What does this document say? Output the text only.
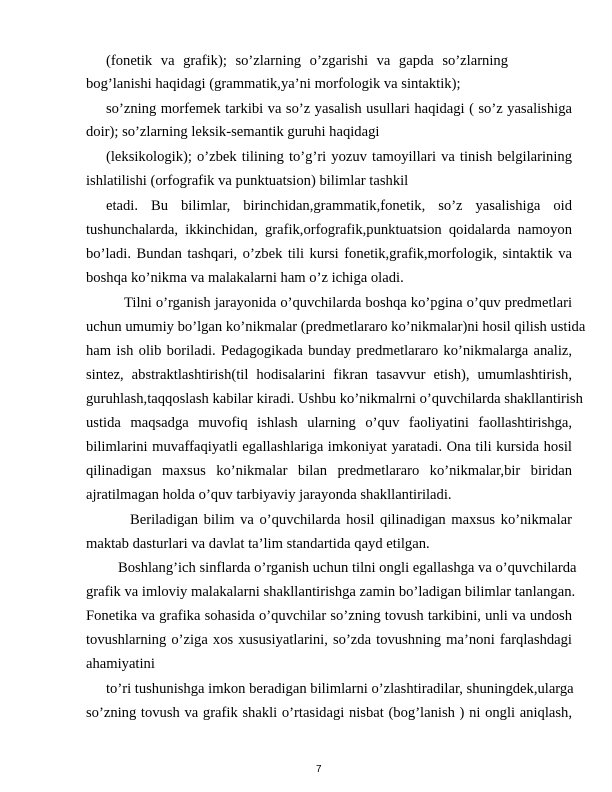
(fonetik va grafik); so’zlarning o’zgarishi va gapda so’zlarning
bog’lanishi haqidagi (grammatik,ya’ni morfologik va sintaktik);
so’zning morfemek tarkibi va so’z yasalish usullari haqidagi ( so’z yasalishiga
doir); so’zlarning leksik-semantik guruhi haqidagi
(leksikologik); o’zbek tilining to’g’ri yozuv tamoyillari va tinish belgilarining
ishlatilishi (orfografik va punktuatsion) bilimlar tashkil
etadi. Bu bilimlar, birinchidan,grammatik,fonetik, so’z yasalishiga oid
tushunchalarda, ikkinchidan, grafik,orfografik,punktuatsion qoidalarda namoyon
bo’ladi. Bundan tashqari, o’zbek tili kursi fonetik,grafik,morfologik, sintaktik va
boshqa ko’nikma va malakalarni ham o’z ichiga oladi.
Tilni o’rganish jarayonida o’quvchilarda boshqa ko’pgina o’quv predmetlari
uchun umumiy bo’lgan ko’nikmalar (predmetlararo ko’nikmalar)ni hosil qilish ustida
ham ish olib boriladi. Pedagogikada bunday predmetlararo ko’nikmalarga analiz,
sintez, abstraktlashtirish(til hodisalarini fikran tasavvur etish), umumlashtirish,
guruhlash,taqqoslash kabilar kiradi. Ushbu ko’nikmalrni o’quvchilarda shakllantirish
ustida maqsadga muvofiq ishlash ularning o’quv faoliyatini faollashtirishga,
bilimlarini muvaffaqiyatli egallashlariga imkoniyat yaratadi. Ona tili kursida hosil
qilinadigan maxsus ko’nikmalar bilan predmetlararo ko’nikmalar,bir biridan
ajratilmagan holda o’quv tarbiyaviy jarayonda shakllantiriladi.
Beriladigan bilim va o’quvchilarda hosil qilinadigan maxsus ko’nikmalar
maktab dasturlari va davlat ta’lim standartida qayd etilgan.
Boshlang’ich sinflarda o’rganish uchun tilni ongli egallashga va o’quvchilarda
grafik va imloviy malakalarni shakllantirishga zamin bo’ladigan bilimlar tanlangan.
Fonetika va grafika sohasida o’quvchilar so’zning tovush tarkibini, unli va undosh
tovushlarning o’ziga xos xususiyatlarini, so’zda tovushning ma’noni farqlashdagi
ahamiyatini
to’ri tushunishga imkon beradigan bilimlarni o’zlashtiradilar, shuningdek,ularga
so’zning tovush va grafik shakli o’rtasidagi nisbat (bog’lanish ) ni ongli aniqlash,
7
